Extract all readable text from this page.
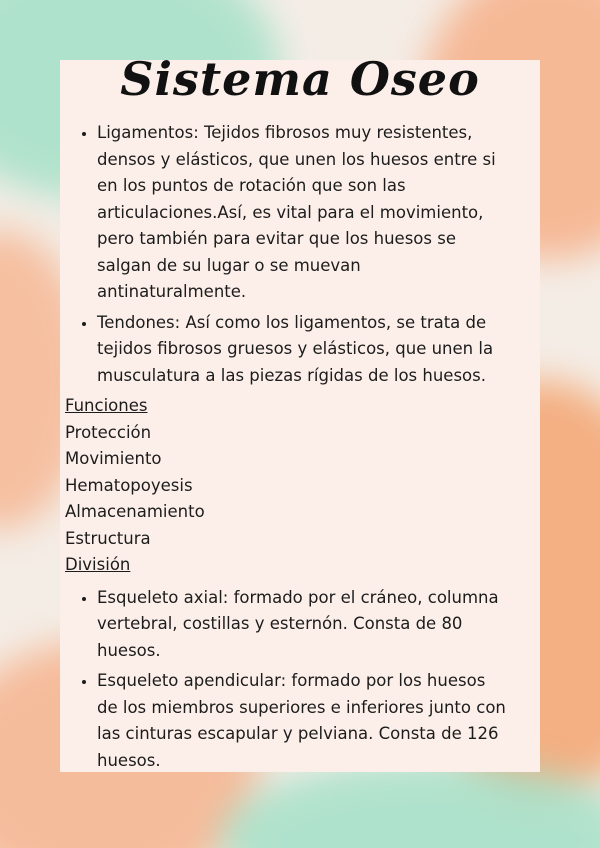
Sistema Oseo
• Ligamentos: Tejidos fibrosos muy resistentes, densos y elásticos, que unen los huesos entre si en los puntos de rotación que son las articulaciones.Así, es vital para el movimiento, pero también para evitar que los huesos se salgan de su lugar o se muevan antinaturalmente.
• Tendones: Así como los ligamentos, se trata de tejidos fibrosos gruesos y elásticos, que unen la musculatura a las piezas rígidas de los huesos.

Funciones

Protección

Movimiento

Hematopoyesis

Almacenamiento

Estructura

División

• Esqueleto axial: formado por el cráneo, columna vertebral, costillas y esternón. Consta de 80 huesos.
• Esqueleto apendicular: formado por los huesos de los miembros superiores e inferiores junto con las cinturas escapular y pelviana. Consta de 126 huesos.
